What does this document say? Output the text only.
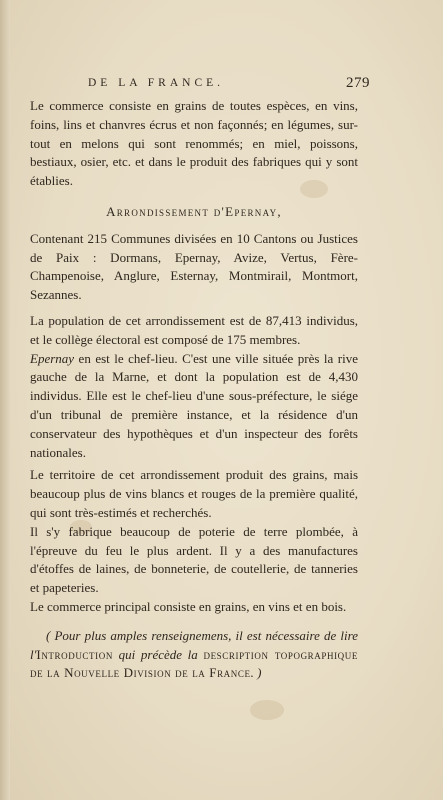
DE LA FRANCE.	279

Le commerce consiste en grains de toutes espèces, en vins, foins, lins et chanvres écrus et non façonnés; en légumes, sur-tout en melons qui sont renommés; en miel, poissons, bestiaux, osier, etc. et dans le produit des fabriques qui y sont établies.

Arrondissement d'Epernay,

Contenant 215 Communes divisées en 10 Cantons ou Justices de Paix : Dormans, Epernay, Avize, Vertus, Fère-Champenoise, Anglure, Esternay, Montmirail, Montmort, Sezannes.

La population de cet arrondissement est de 87,413 individus, et le collège électoral est composé de 175 membres.

Epernay en est le chef-lieu. C'est une ville située près la rive gauche de la Marne, et dont la population est de 4,430 individus. Elle est le chef-lieu d'une sous-préfecture, le siége d'un tribunal de première instance, et la résidence d'un conservateur des hypothèques et d'un inspecteur des forêts nationales.

Le territoire de cet arrondissement produit des grains, mais beaucoup plus de vins blancs et rouges de la première qualité, qui sont très-estimés et recherchés.

Il s'y fabrique beaucoup de poterie de terre plombée, à l'épreuve du feu le plus ardent. Il y a des manufactures d'étoffes de laines, de bonneterie, de coutellerie, de tanneries et papeteries.

Le commerce principal consiste en grains, en vins et en bois.

( Pour plus amples renseignemens, il est nécessaire de lire l'Introduction qui précède la description topographique de la Nouvelle Division de la France. )
